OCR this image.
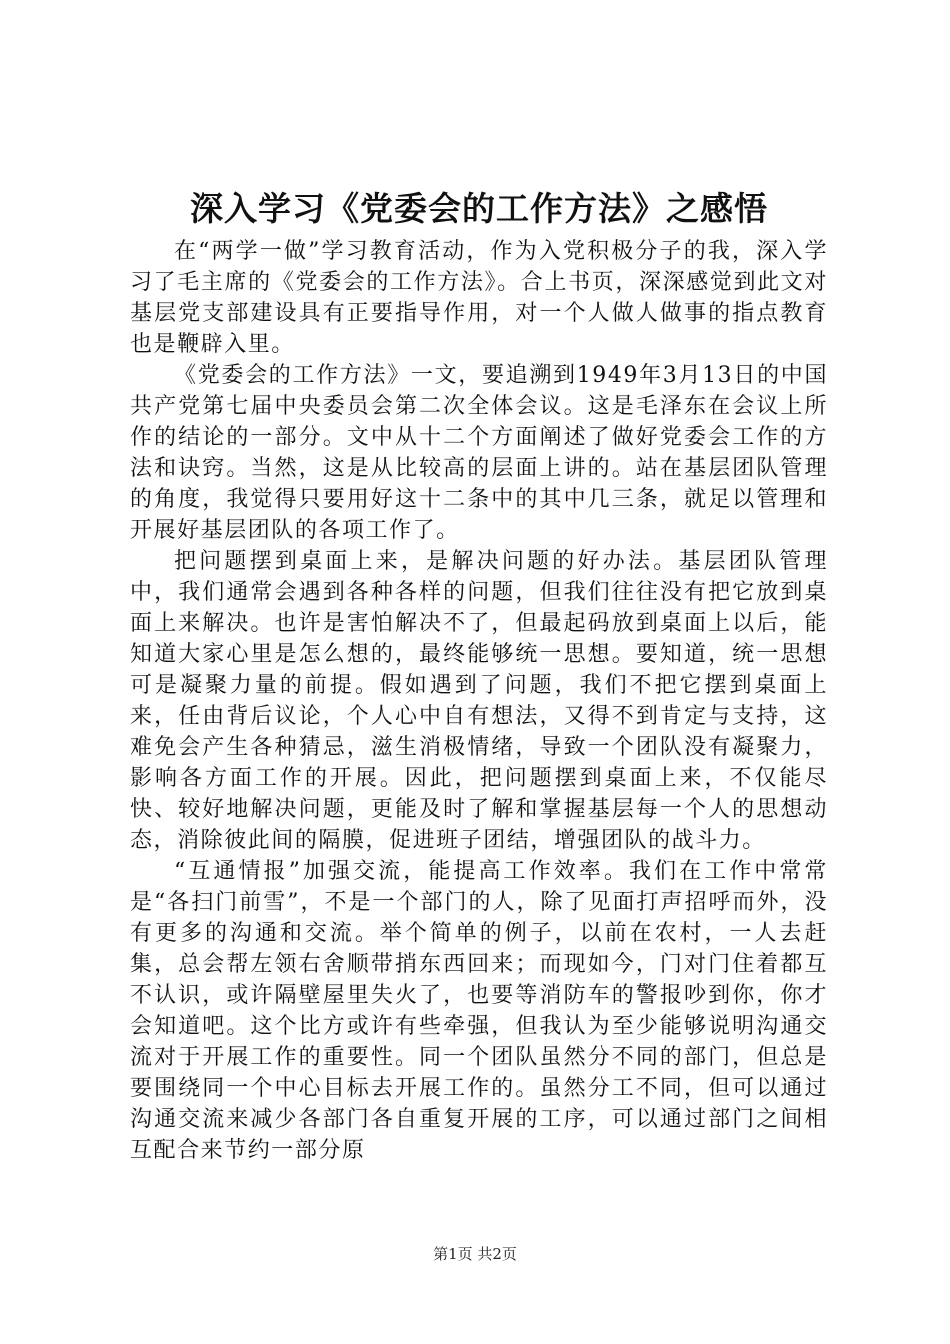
深入学习《党委会的工作方法》之感悟

在“两学一做”学习教育活动，作为入党积极分子的我，深入学习了毛主席的《党委会的工作方法》。合上书页，深深感觉到此文对基层党支部建设具有正要指导作用，对一个人做人做事的指点教育也是鞭辟入里。

《党委会的工作方法》一文，要追溯到1949年3月13日的中国共产党第七届中央委员会第二次全体会议。这是毛泽东在会议上所作的结论的一部分。文中从十二个方面阐述了做好党委会工作的方法和诀窍。当然，这是从比较高的层面上讲的。站在基层团队管理的角度，我觉得只要用好这十二条中的其中几三条，就足以管理和开展好基层团队的各项工作了。

把问题摆到桌面上来，是解决问题的好办法。基层团队管理中，我们通常会遇到各种各样的问题，但我们往往没有把它放到桌面上来解决。也许是害怕解决不了，但最起码放到桌面上以后，能知道大家心里是怎么想的，最终能够统一思想。要知道，统一思想可是凝聚力量的前提。假如遇到了问题，我们不把它摆到桌面上来，任由背后议论，个人心中自有想法，又得不到肯定与支持，这难免会产生各种猜忌，滋生消极情绪，导致一个团队没有凝聚力，影响各方面工作的开展。因此，把问题摆到桌面上来，不仅能尽快、较好地解决问题，更能及时了解和掌握基层每一个人的思想动态，消除彼此间的隔膜，促进班子团结，增强团队的战斗力。

“互通情报”加强交流，能提高工作效率。我们在工作中常常是“各扫门前雪”，不是一个部门的人，除了见面打声招呼而外，没有更多的沟通和交流。举个简单的例子，以前在农村，一人去赶集，总会帮左领右舍顺带捎东西回来；而现如今，门对门住着都互不认识，或许隔壁屋里失火了，也要等消防车的警报吵到你，你才会知道吧。这个比方或许有些牵强，但我认为至少能够说明沟通交流对于开展工作的重要性。同一个团队虽然分不同的部门，但总是要围绕同一个中心目标去开展工作的。虽然分工不同，但可以通过沟通交流来减少各部门各自重复开展的工序，可以通过部门之间相互配合来节约一部分原

第1页 共2页
